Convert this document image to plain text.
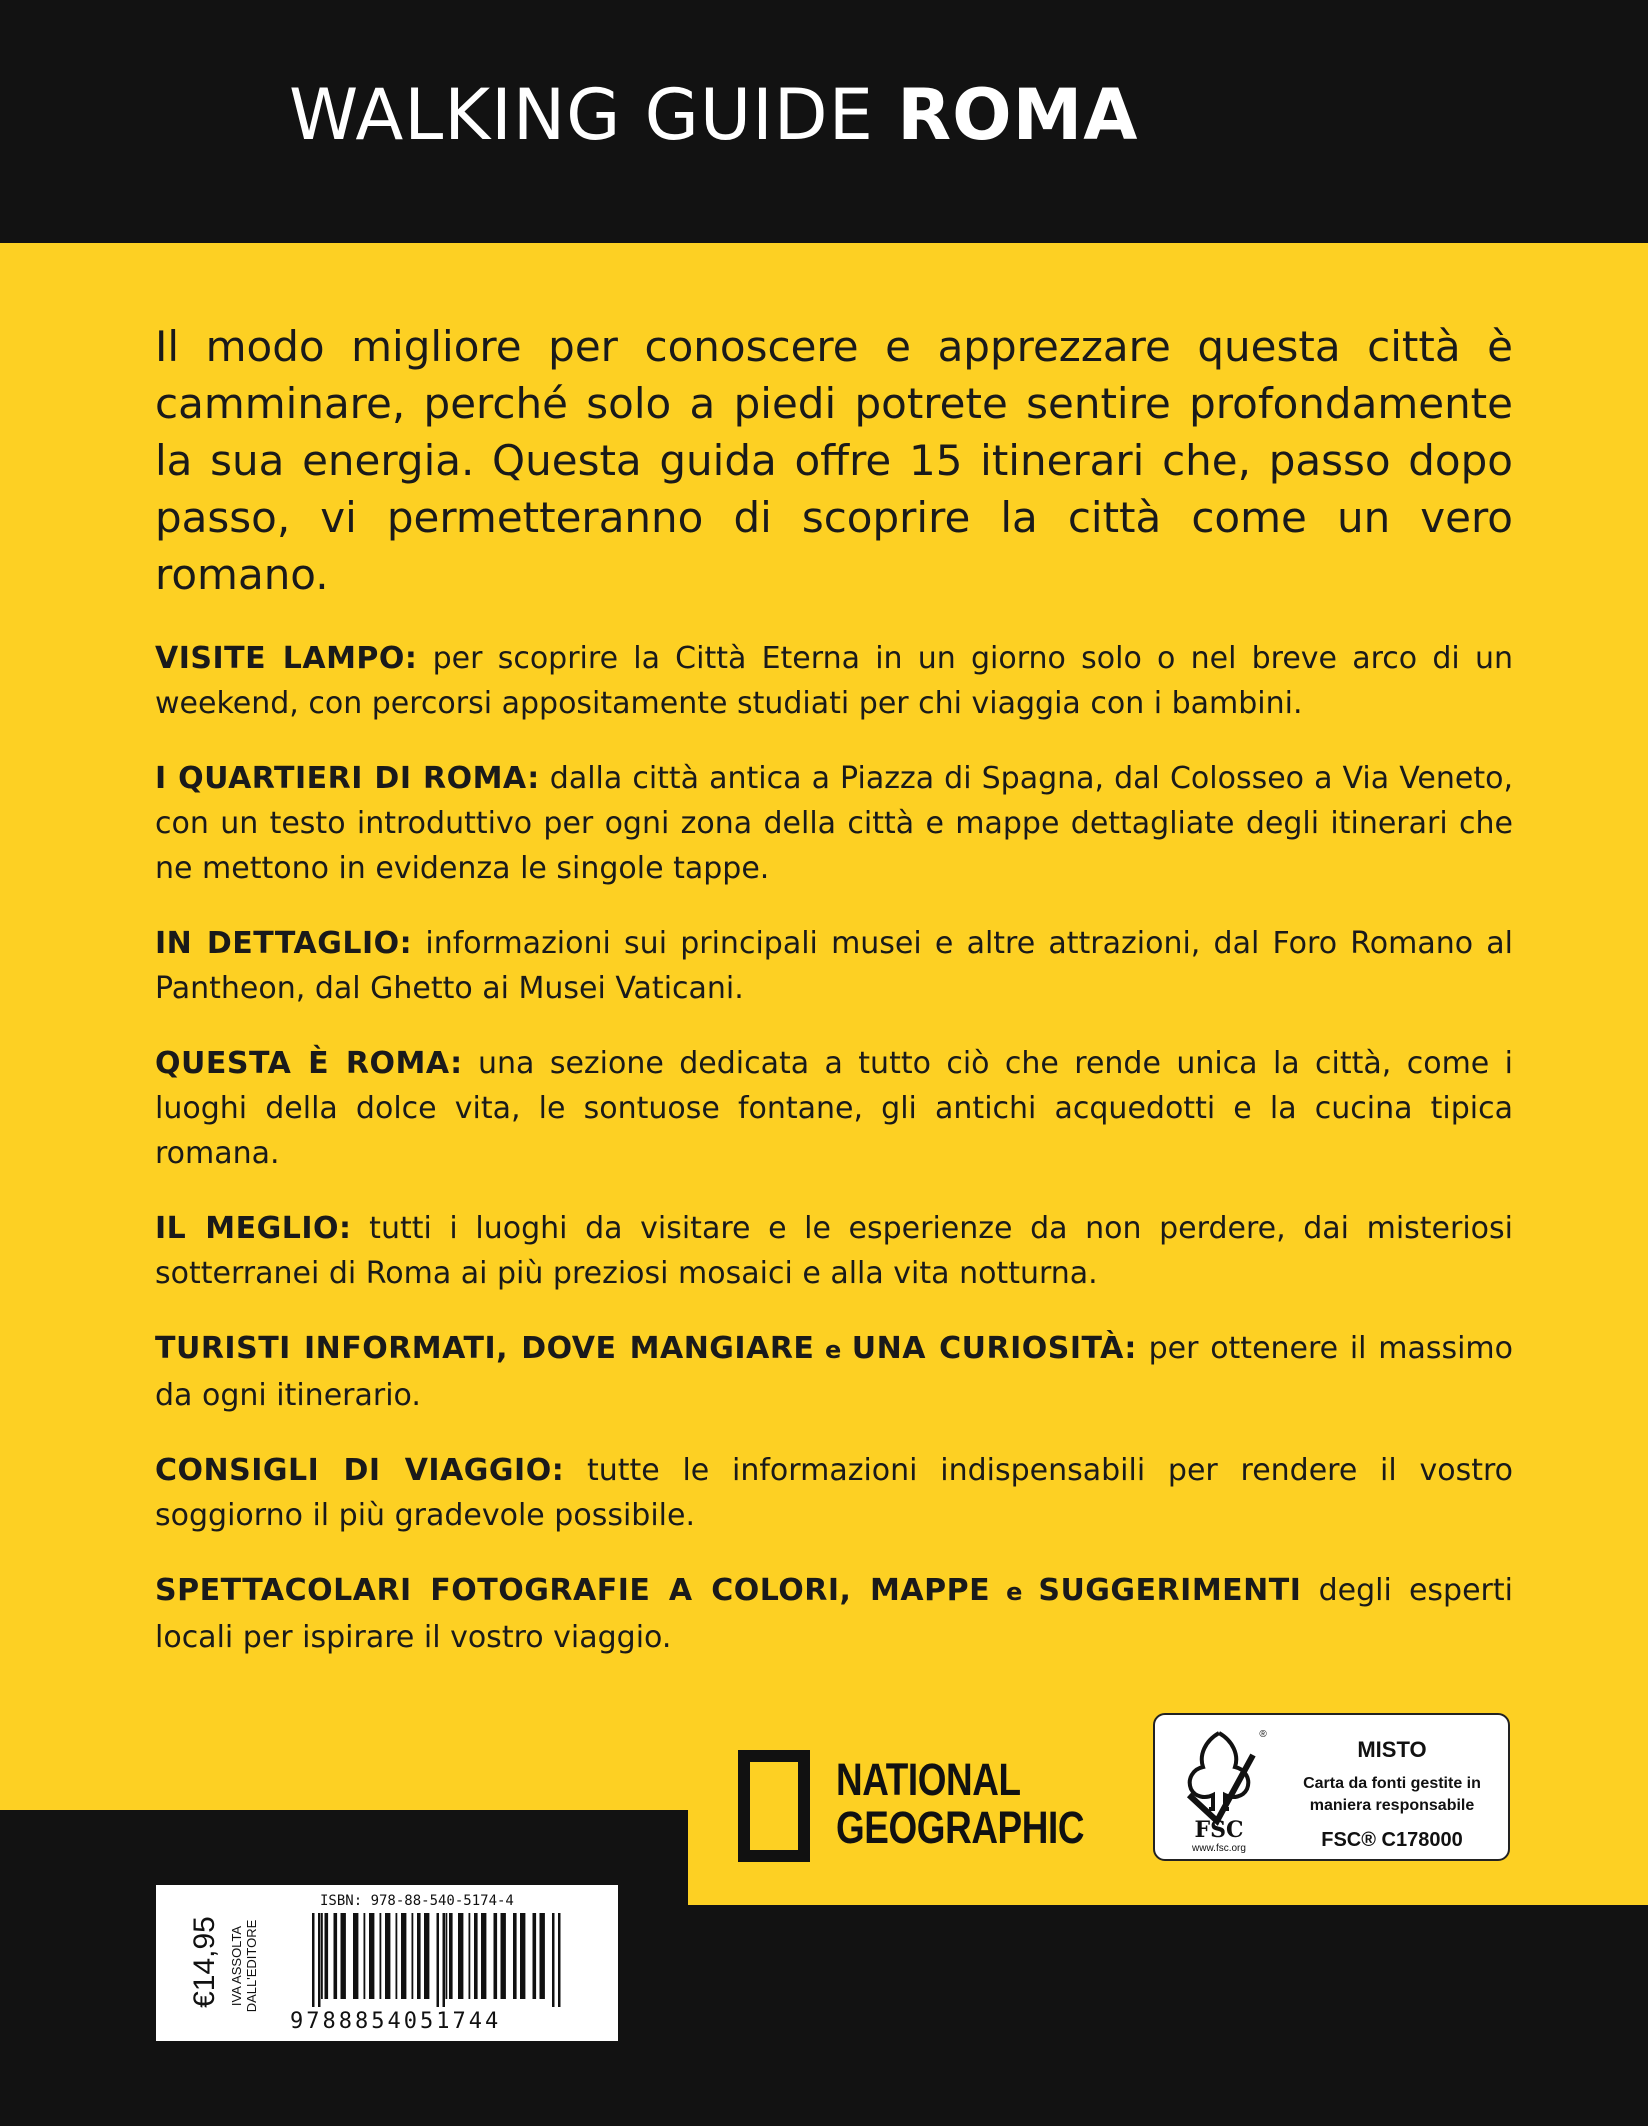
WALKING GUIDE ROMA

Il modo migliore per conoscere e apprezzare questa città è camminare, perché solo a piedi potrete sentire profondamente la sua energia. Questa guida offre 15 itinerari che, passo dopo passo, vi permetteranno di scoprire la città come un vero romano.

VISITE LAMPO: per scoprire la Città Eterna in un giorno solo o nel breve arco di un weekend, con percorsi appositamente studiati per chi viaggia con i bambini.
I QUARTIERI DI ROMA: dalla città antica a Piazza di Spagna, dal Colosseo a Via Veneto, con un testo introduttivo per ogni zona della città e mappe dettagliate degli itinerari che ne mettono in evidenza le singole tappe.
IN DETTAGLIO: informazioni sui principali musei e altre attrazioni, dal Foro Romano al Pantheon, dal Ghetto ai Musei Vaticani.
QUESTA È ROMA: una sezione dedicata a tutto ciò che rende unica la città, come i luoghi della dolce vita, le sontuose fontane, gli antichi acquedotti e la cucina tipica romana.
IL MEGLIO: tutti i luoghi da visitare e le esperienze da non perdere, dai misteriosi sotterranei di Roma ai più preziosi mosaici e alla vita notturna.
TURISTI INFORMATI, DOVE MANGIARE e UNA CURIOSITÀ: per ottenere il massimo da ogni itinerario.
CONSIGLI DI VIAGGIO: tutte le informazioni indispensabili per rendere il vostro soggiorno il più gradevole possibile.
SPETTACOLARI FOTOGRAFIE A COLORI, MAPPE e SUGGERIMENTI degli esperti locali per ispirare il vostro viaggio.
NATIONAL
GEOGRAPHIC	FSC
www.fsc.org
®
MISTO
Carta da fonti gestite in maniera responsabile
FSC® C178000
€14,95 IVA ASSOLTA DALL'EDITORE
ISBN: 978-88-540-5174-4
9788854051744
